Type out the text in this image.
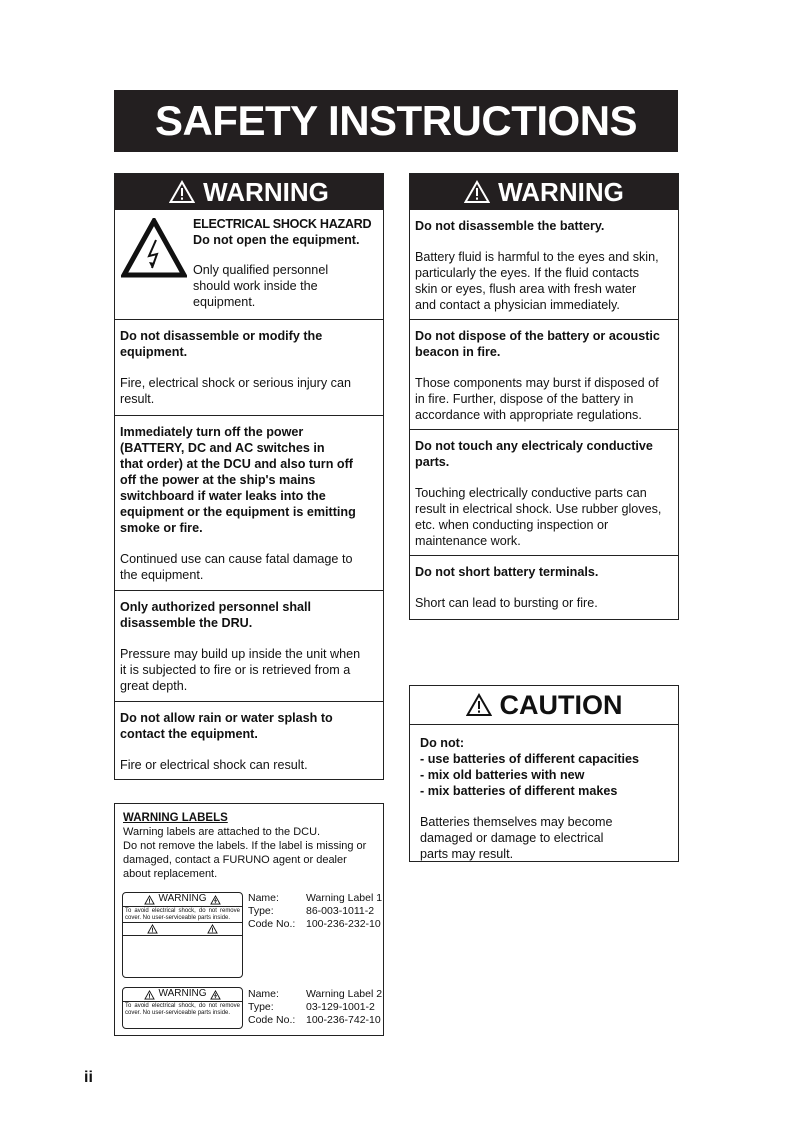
SAFETY INSTRUCTIONS
WARNING
ELECTRICAL SHOCK HAZARD
Do not open the equipment.
Only qualified personnel
should work inside the
equipment.
Do not disassemble or modify the
equipment.
Fire, electrical shock or serious injury can
result.
Immediately turn off the power
(BATTERY, DC and AC switches in
that order) at the DCU and also turn off
off the power at the ship's mains
switchboard if water leaks into the
equipment or the equipment is emitting
smoke or fire.
Continued use can cause fatal damage to
the equipment.
Only authorized personnel shall
disassemble the DRU.
Pressure may build up inside the unit when
it is subjected to fire or is retrieved from a
great depth.
Do not allow rain or water splash to
contact the equipment.
Fire or electrical shock can result.
WARNING
Do not disassemble the battery.
Battery fluid is harmful to the eyes and skin,
particularly the eyes. If the fluid contacts
skin or eyes, flush area with fresh water
and contact a physician immediately.
Do not dispose of the battery or acoustic
beacon in fire.
Those components may burst if disposed of
in fire. Further, dispose of the battery in
accordance with appropriate regulations.
Do not touch any electricaly conductive
parts.
Touching electrically conductive parts can
result in electrical shock. Use rubber gloves,
etc. when conducting inspection or
maintenance work.
Do not short battery terminals.
Short can lead to bursting or fire.
CAUTION
Do not:
- use batteries of different capacities
- mix old batteries with new
- mix batteries of different makes
Batteries themselves may become
damaged or damage to electrical
parts may result.
WARNING LABELS
Warning labels are attached to the DCU.
Do not remove the labels. If the label is missing or
damaged, contact a FURUNO agent or dealer
about replacement.
WARNING
To avoid electrical shock, do not remove cover. No user-serviceable parts inside.
Name:	Warning Label 1
Type:	86-003-1011-2
Code No.:	100-236-232-10
WARNING
To avoid electrical shock, do not remove cover. No user-serviceable parts inside.
Name:	Warning Label 2
Type:	03-129-1001-2
Code No.:	100-236-742-10
ii
